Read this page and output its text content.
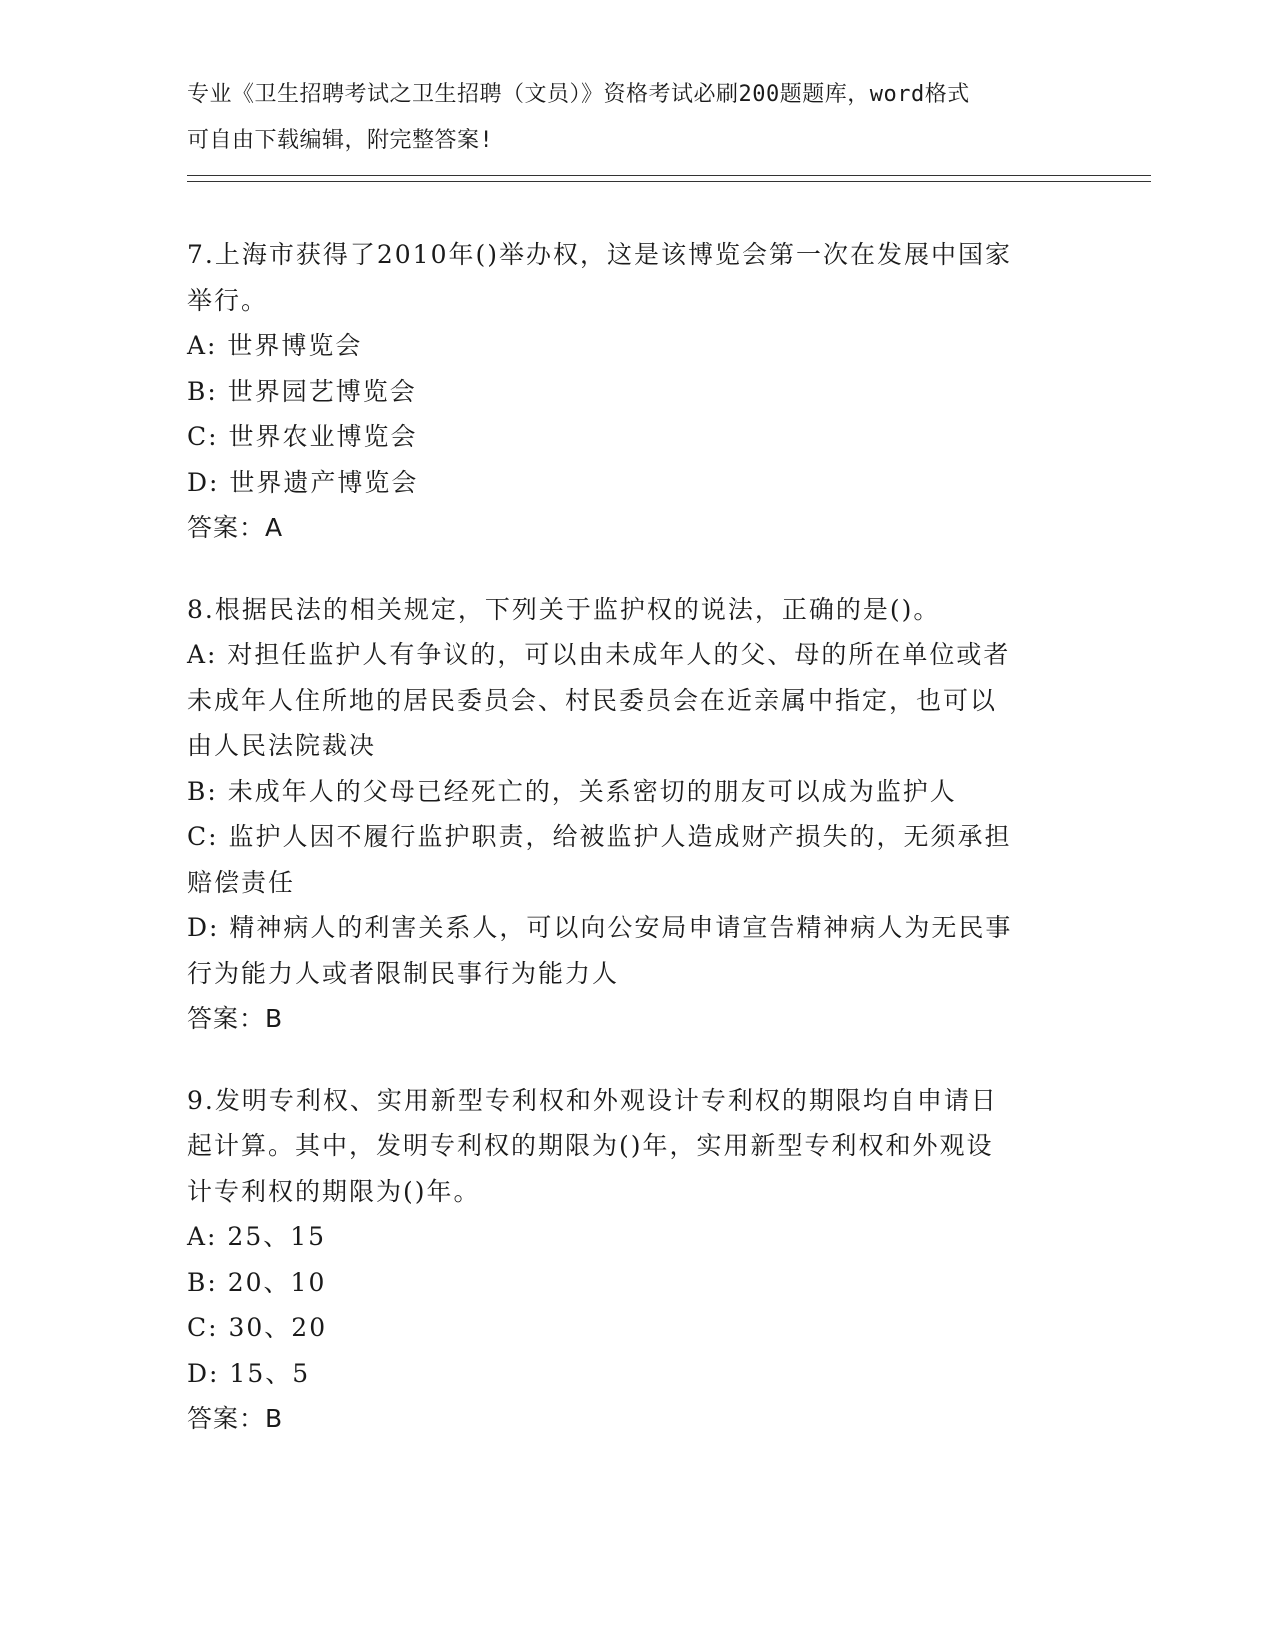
专业《卫生招聘考试之卫生招聘（文员）》资格考试必刷200题题库，word格式
可自由下载编辑，附完整答案!
7.上海市获得了2010年()举办权，这是该博览会第一次在发展中国家
举行。
A: 世界博览会
B: 世界园艺博览会
C: 世界农业博览会
D: 世界遗产博览会
答案：A
8.根据民法的相关规定，下列关于监护权的说法，正确的是()。
A: 对担任监护人有争议的，可以由未成年人的父、母的所在单位或者
未成年人住所地的居民委员会、村民委员会在近亲属中指定，也可以
由人民法院裁决
B: 未成年人的父母已经死亡的，关系密切的朋友可以成为监护人
C: 监护人因不履行监护职责，给被监护人造成财产损失的，无须承担
赔偿责任
D: 精神病人的利害关系人，可以向公安局申请宣告精神病人为无民事
行为能力人或者限制民事行为能力人
答案：B
9.发明专利权、实用新型专利权和外观设计专利权的期限均自申请日
起计算。其中，发明专利权的期限为()年，实用新型专利权和外观设
计专利权的期限为()年。
A: 25、15
B: 20、10
C: 30、20
D: 15、5
答案：B
